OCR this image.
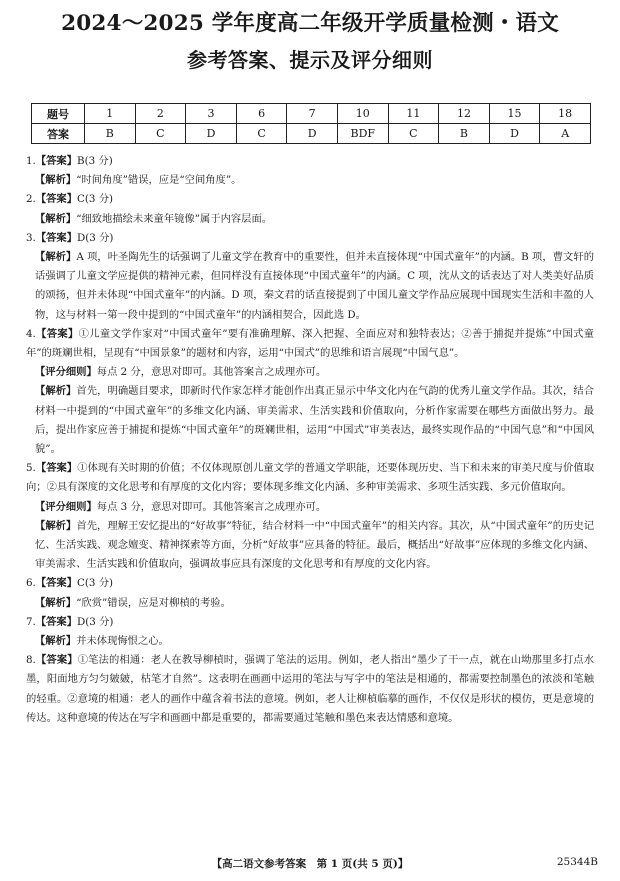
2024～2025 学年度高二年级开学质量检测・语文
参考答案、提示及评分细则
题号	1	2	3	6	7	10	11	12	15	18
答案	B	C	D	C	D	BDF	C	B	D	A

1.【答案】B(3 分)

【解析】“时间角度”错误，应是“空间角度”。

2.【答案】C(3 分)

【解析】“细致地描绘未来童年镜像”属于内容层面。

3.【答案】D(3 分)

【解析】A 项，叶圣陶先生的话强调了儿童文学在教育中的重要性，但并未直接体现“中国式童年”的内涵。B 项，曹文轩的话强调了儿童文学应提供的精神元素，但同样没有直接体现“中国式童年”的内涵。C 项，沈从文的话表达了对人类美好品质的颂扬，但并未体现“中国式童年”的内涵。D 项，秦文君的话直接提到了中国儿童文学作品应展现中国现实生活和丰盈的人物，这与材料一第一段中提到的“中国式童年”的内涵相契合，因此选 D。

4.【答案】①儿童文学作家对“中国式童年”要有准确理解、深入把握、全面应对和独特表达；②善于捕捉并提炼“中国式童年”的斑斓世相，呈现有“中国景象”的题材和内容，运用“中国式”的思维和语言展现“中国气息”。

【评分细则】每点 2 分，意思对即可。其他答案言之成理亦可。

【解析】首先，明确题目要求，即新时代作家怎样才能创作出真正显示中华文化内在气韵的优秀儿童文学作品。其次，结合材料一中提到的“中国式童年”的多维文化内涵、审美需求、生活实践和价值取向，分析作家需要在哪些方面做出努力。最后，提出作家应善于捕捉和提炼“中国式童年”的斑斓世相，运用“中国式”审美表达，最终实现作品的“中国气息”和“中国风貌”。

5.【答案】①体现有关时期的价值；不仅体现原创儿童文学的普通文学职能，还要体现历史、当下和未来的审美尺度与价值取向；②具有深度的文化思考和有厚度的文化内容；要体现多维文化内涵、多种审美需求、多项生活实践、多元价值取向。

【评分细则】每点 3 分，意思对即可。其他答案言之成理亦可。

【解析】首先，理解王安忆提出的“好故事”特征，结合材料一中“中国式童年”的相关内容。其次，从“中国式童年”的历史记忆、生活实践、观念嬗变、精神探索等方面，分析“好故事”应具备的特征。最后，概括出“好故事”应体现的多维文化内涵、审美需求、生活实践和价值取向，强调故事应具有深度的文化思考和有厚度的文化内容。

6.【答案】C(3 分)

【解析】“欣赏”错误，应是对柳楨的考验。

7.【答案】D(3 分)

【解析】并未体现悔恨之心。

8.【答案】①笔法的相通：老人在教导柳楨时，强调了笔法的运用。例如，老人指出“墨少了干一点，就在山坳那里多打点水墨，阳面地方匀匀皴皴，枯笔才自然”。这表明在画画中运用的笔法与写字中的笔法是相通的，都需要控制墨色的浓淡和笔触的轻重。②意境的相通：老人的画作中蕴含着书法的意境。例如，老人让柳楨临摹的画作，不仅仅是形状的模仿，更是意境的传达。这种意境的传达在写字和画画中都是重要的，都需要通过笔触和墨色来表达情感和意境。

【高二语文参考答案　第 1 页(共 5 页)】	25344B
